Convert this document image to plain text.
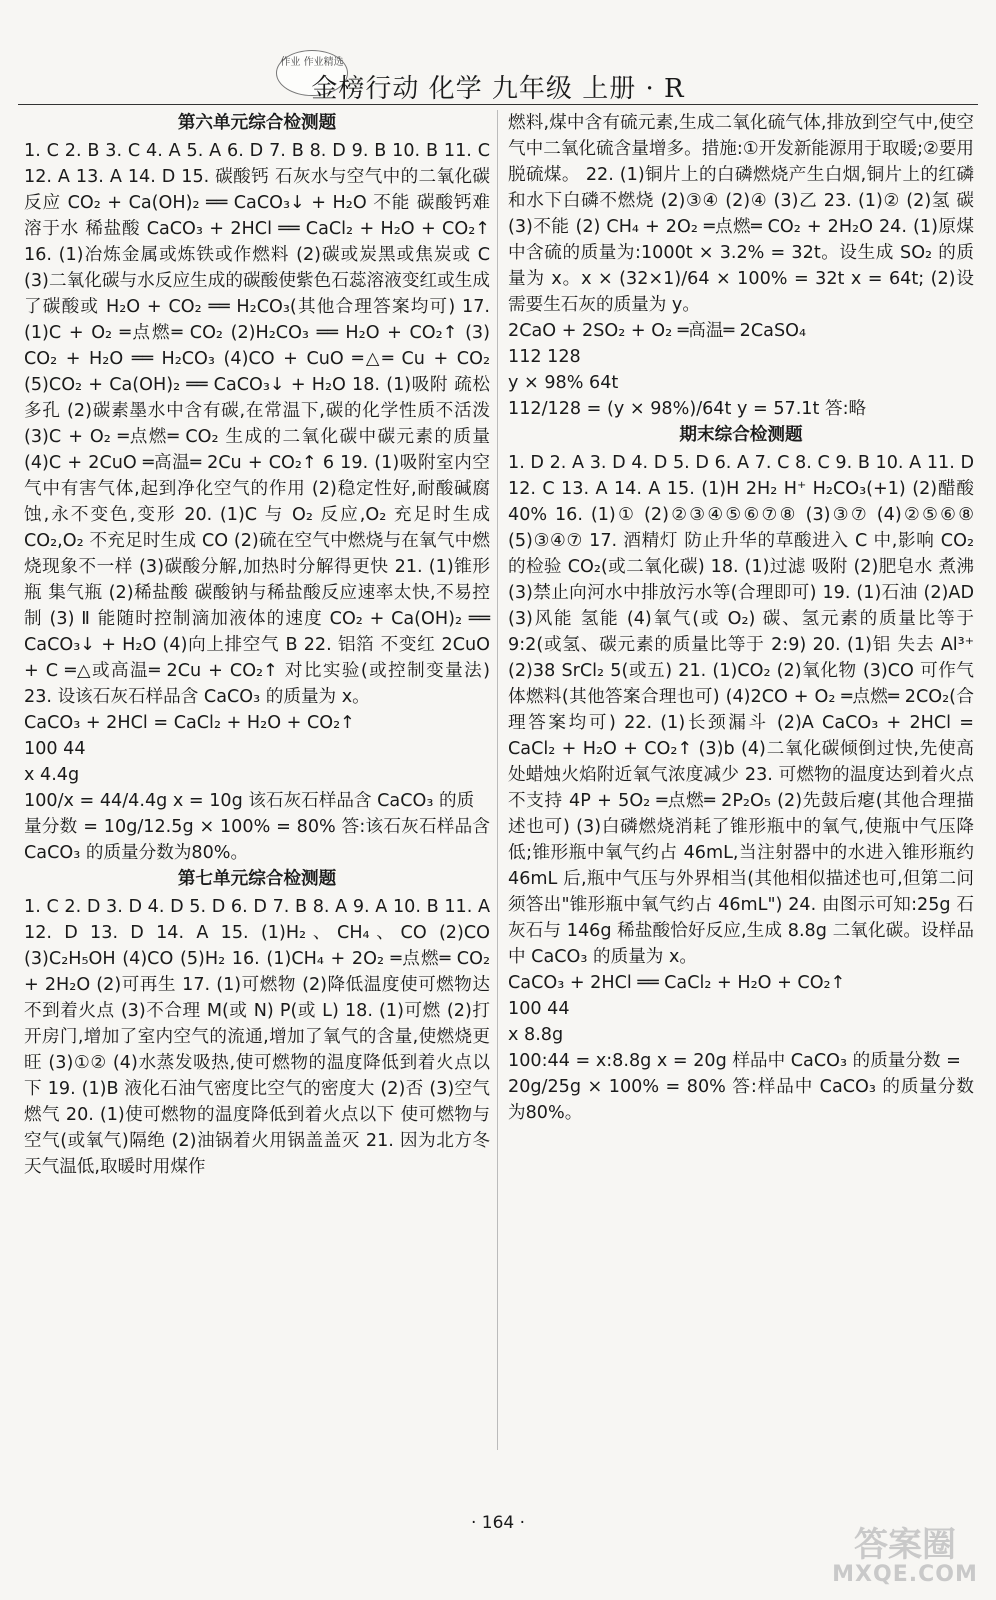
作业 作业精选
金榜行动 化学 九年级 上册 · R
第六单元综合检测题

1. C 2. B 3. C 4. A 5. A 6. D 7. B 8. D 9. B 10. B 11. C 12. A 13. A 14. D 15. 碳酸钙 石灰水与空气中的二氧化碳反应 CO₂ + Ca(OH)₂ ══ CaCO₃↓ + H₂O 不能 碳酸钙难溶于水 稀盐酸 CaCO₃ + 2HCl ══ CaCl₂ + H₂O + CO₂↑ 16. (1)冶炼金属或炼铁或作燃料 (2)碳或炭黑或焦炭或 C (3)二氧化碳与水反应生成的碳酸使紫色石蕊溶液变红或生成了碳酸或 H₂O + CO₂ ══ H₂CO₃(其他合理答案均可) 17. (1)C + O₂ ═点燃═ CO₂ (2)H₂CO₃ ══ H₂O + CO₂↑ (3) CO₂ + H₂O ══ H₂CO₃ (4)CO + CuO ═△═ Cu + CO₂ (5)CO₂ + Ca(OH)₂ ══ CaCO₃↓ + H₂O 18. (1)吸附 疏松多孔 (2)碳素墨水中含有碳,在常温下,碳的化学性质不活泼 (3)C + O₂ ═点燃═ CO₂ 生成的二氧化碳中碳元素的质量 (4)C + 2CuO ═高温═ 2Cu + CO₂↑ 6 19. (1)吸附室内空气中有害气体,起到净化空气的作用 (2)稳定性好,耐酸碱腐蚀,永不变色,变形 20. (1)C 与 O₂ 反应,O₂ 充足时生成 CO₂,O₂ 不充足时生成 CO (2)硫在空气中燃烧与在氧气中燃烧现象不一样 (3)碳酸分解,加热时分解得更快 21. (1)锥形瓶 集气瓶 (2)稀盐酸 碳酸钠与稀盐酸反应速率太快,不易控制 (3) Ⅱ 能随时控制滴加液体的速度 CO₂ + Ca(OH)₂ ══ CaCO₃↓ + H₂O (4)向上排空气 B 22. 铝箔 不变红 2CuO + C ═△或高温═ 2Cu + CO₂↑ 对比实验(或控制变量法) 23. 设该石灰石样品含 CaCO₃ 的质量为 x。

CaCO₃ + 2HCl = CaCl₂ + H₂O + CO₂↑

100 44

x 4.4g

100/x = 44/4.4g x = 10g 该石灰石样品含 CaCO₃ 的质

量分数 = 10g/12.5g × 100% = 80% 答:该石灰石样品含 CaCO₃ 的质量分数为80%。

第七单元综合检测题

1. C 2. D 3. D 4. D 5. D 6. D 7. B 8. A 9. A 10. B 11. A 12. D 13. D 14. A 15. (1)H₂、CH₄、CO (2)CO (3)C₂H₅OH (4)CO (5)H₂ 16. (1)CH₄ + 2O₂ ═点燃═ CO₂ + 2H₂O (2)可再生 17. (1)可燃物 (2)降低温度使可燃物达不到着火点 (3)不合理 M(或 N) P(或 L) 18. (1)可燃 (2)打开房门,增加了室内空气的流通,增加了氧气的含量,使燃烧更旺 (3)①② (4)水蒸发吸热,使可燃物的温度降低到着火点以下 19. (1)B 液化石油气密度比空气的密度大 (2)否 (3)空气 燃气 20. (1)使可燃物的温度降低到着火点以下 使可燃物与空气(或氧气)隔绝 (2)油锅着火用锅盖盖灭 21. 因为北方冬天气温低,取暖时用煤作

燃料,煤中含有硫元素,生成二氧化硫气体,排放到空气中,使空气中二氧化硫含量增多。措施:①开发新能源用于取暖;②要用脱硫煤。 22. (1)铜片上的白磷燃烧产生白烟,铜片上的红磷和水下白磷不燃烧 (2)③④ (2)④ (3)乙 23. (1)② (2)氢 碳 (3)不能 (2) CH₄ + 2O₂ ═点燃═ CO₂ + 2H₂O 24. (1)原煤中含硫的质量为:1000t × 3.2% = 32t。设生成 SO₂ 的质量为 x。x × (32×1)/64 × 100% = 32t x = 64t; (2)设需要生石灰的质量为 y。

2CaO + 2SO₂ + O₂ ═高温═ 2CaSO₄

112 128

y × 98% 64t

112/128 = (y × 98%)/64t y = 57.1t 答:略

期末综合检测题

1. D 2. A 3. D 4. D 5. D 6. A 7. C 8. C 9. B 10. A 11. D 12. C 13. A 14. A 15. (1)H 2H₂ H⁺ H₂CO₃(+1) (2)醋酸 40% 16. (1)① (2)②③④⑤⑥⑦⑧ (3)③⑦ (4)②⑤⑥⑧ (5)③④⑦ 17. 酒精灯 防止升华的草酸进入 C 中,影响 CO₂ 的检验 CO₂(或二氧化碳) 18. (1)过滤 吸附 (2)肥皂水 煮沸 (3)禁止向河水中排放污水等(合理即可) 19. (1)石油 (2)AD (3)风能 氢能 (4)氧气(或 O₂) 碳、氢元素的质量比等于 9:2(或氢、碳元素的质量比等于 2:9) 20. (1)铝 失去 Al³⁺ (2)38 SrCl₂ 5(或五) 21. (1)CO₂ (2)氧化物 (3)CO 可作气体燃料(其他答案合理也可) (4)2CO + O₂ ═点燃═ 2CO₂(合理答案均可) 22. (1)长颈漏斗 (2)A CaCO₃ + 2HCl = CaCl₂ + H₂O + CO₂↑ (3)b (4)二氧化碳倾倒过快,先使高处蜡烛火焰附近氧气浓度减少 23. 可燃物的温度达到着火点 不支持 4P + 5O₂ ═点燃═ 2P₂O₅ (2)先鼓后瘪(其他合理描述也可) (3)白磷燃烧消耗了锥形瓶中的氧气,使瓶中气压降低;锥形瓶中氧气约占 46mL,当注射器中的水进入锥形瓶约 46mL 后,瓶中气压与外界相当(其他相似描述也可,但第二问须答出"锥形瓶中氧气约占 46mL") 24. 由图示可知:25g 石灰石与 146g 稀盐酸恰好反应,生成 8.8g 二氧化碳。设样品中 CaCO₃ 的质量为 x。

CaCO₃ + 2HCl ══ CaCl₂ + H₂O + CO₂↑

100 44

x 8.8g

100:44 = x:8.8g x = 20g 样品中 CaCO₃ 的质量分数 =

20g/25g × 100% = 80% 答:样品中 CaCO₃ 的质量分数为80%。

· 164 ·
答案圈
MXQE.COM
